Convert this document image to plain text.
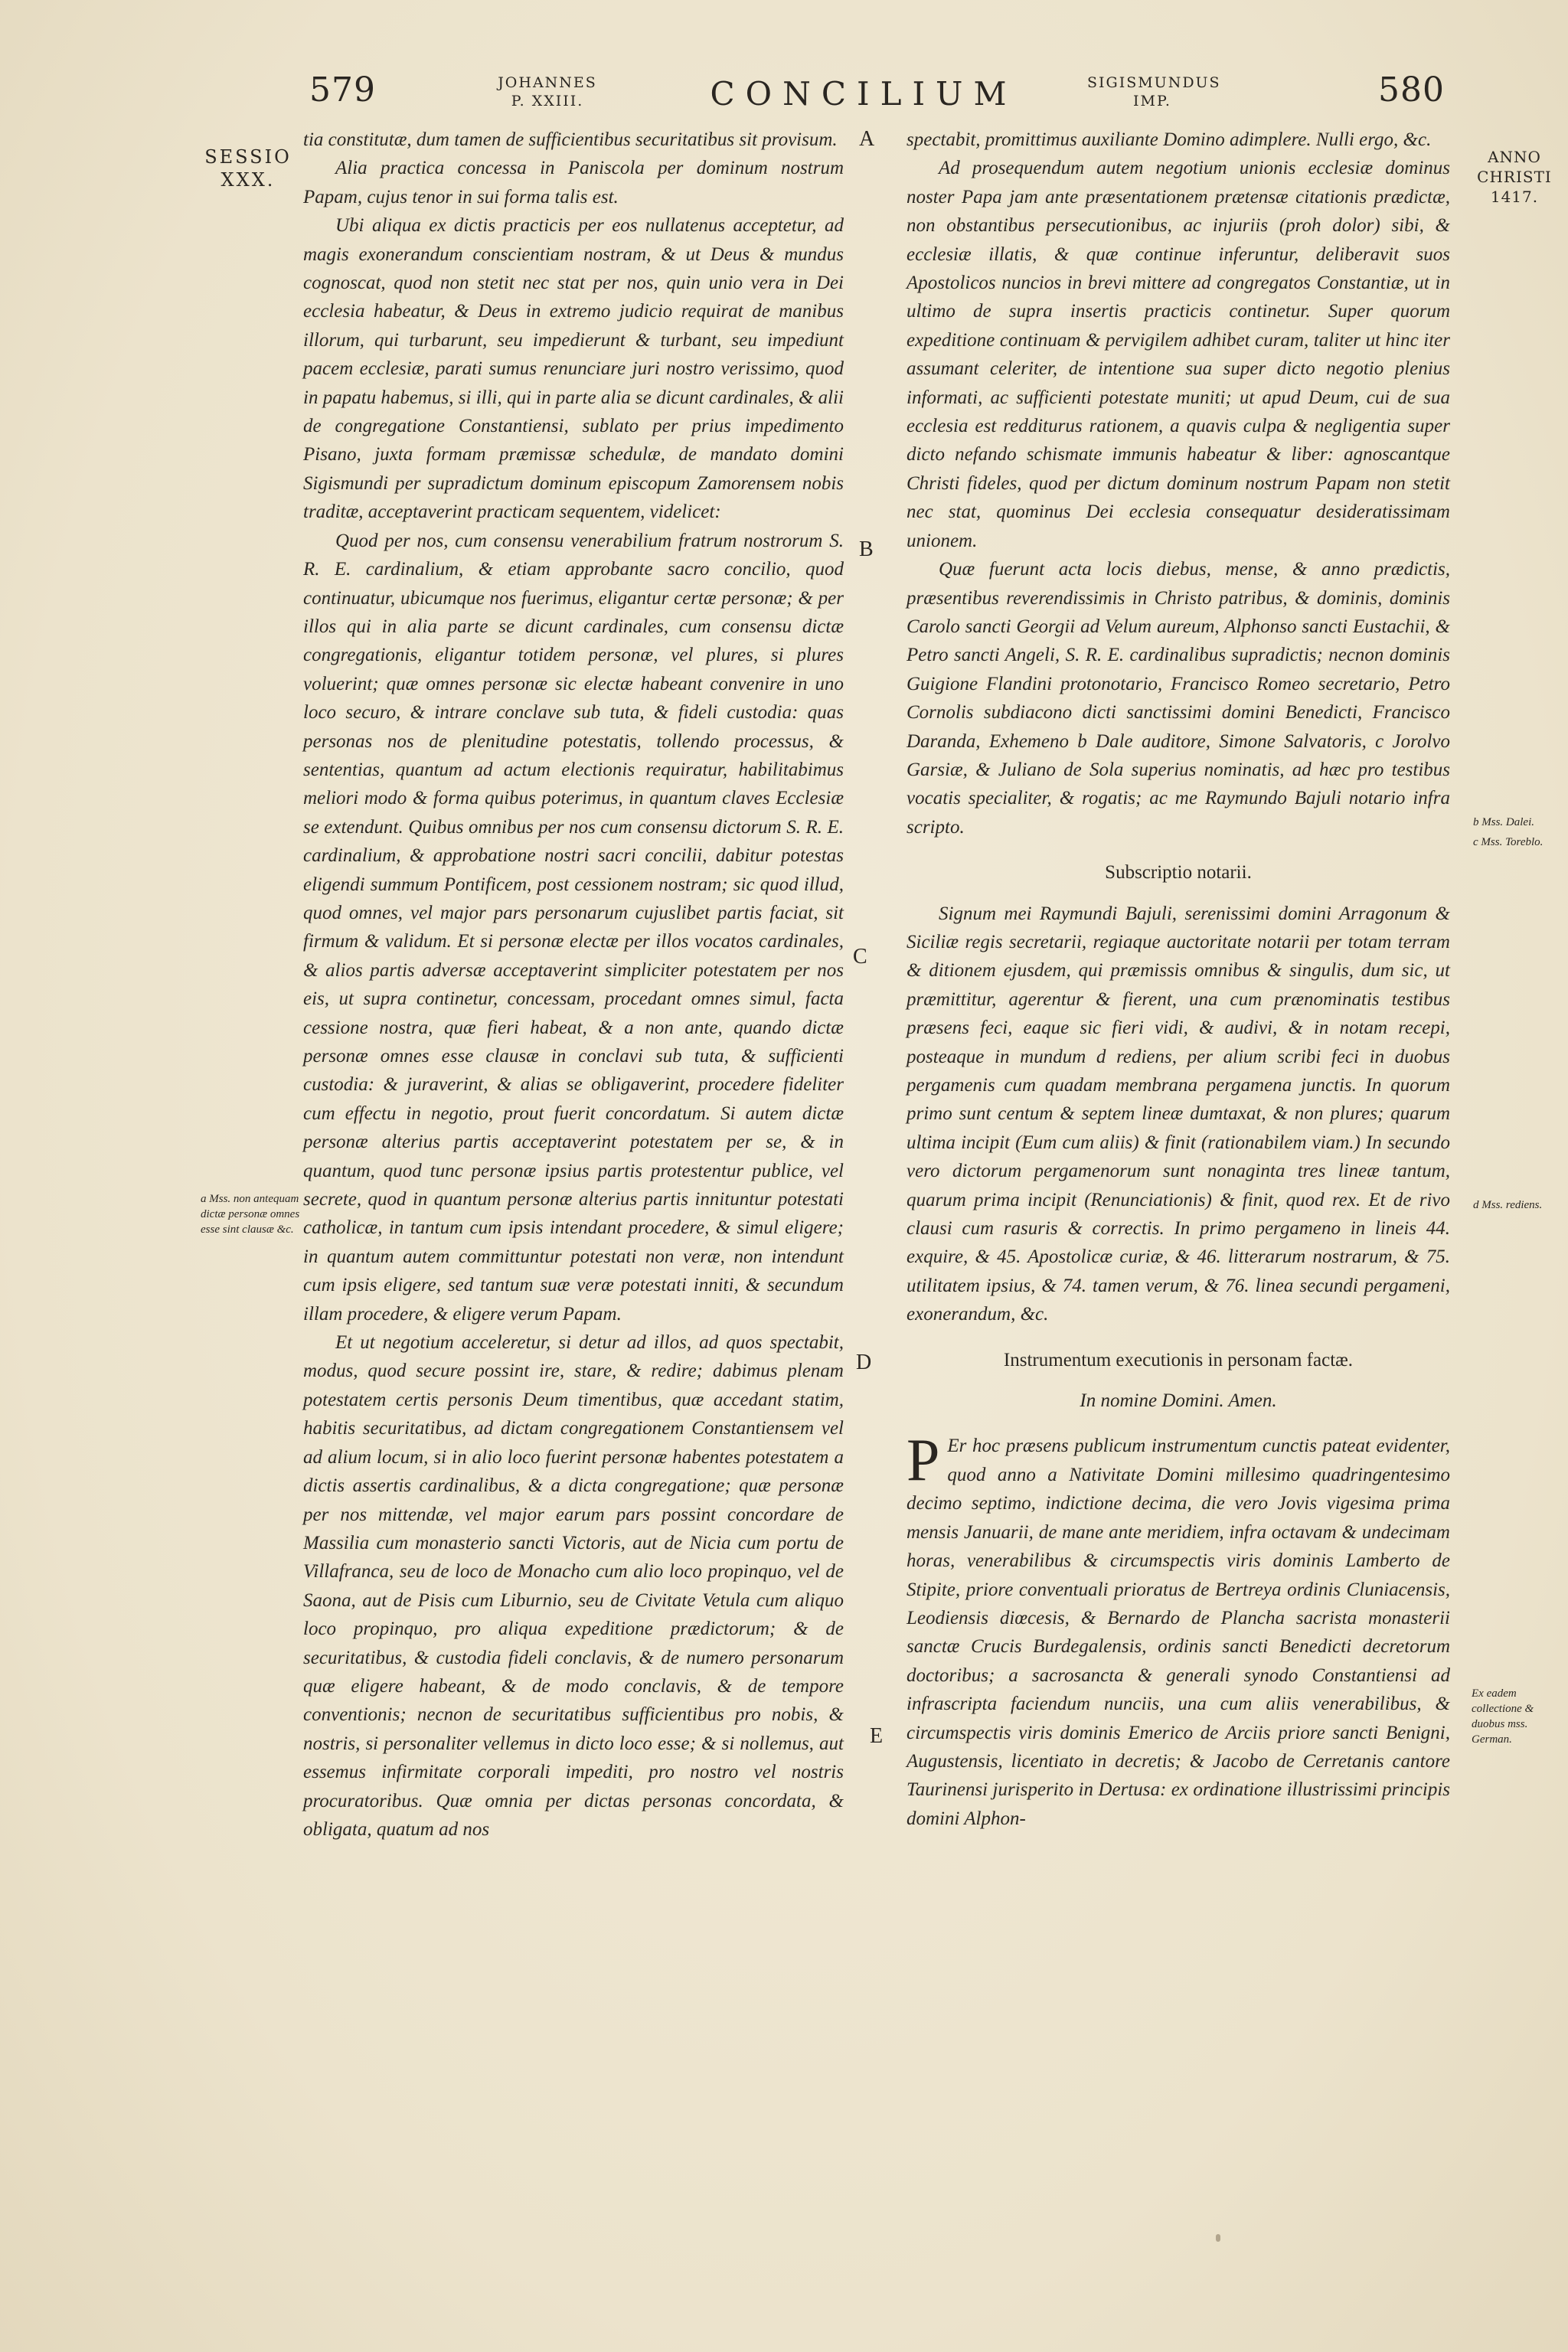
579	JOHANNES P. XXIII.	CONCILIUM	SIGISMUNDUS IMP.	580
SESSIO XXX.
ANNO CHRISTI 1417.
A
B
C
D
E
a Mss. non antequam dictæ personæ omnes esse sint clausæ &c.
b Mss. Dalei.
c Mss. Toreblo.
d Mss. rediens.
Ex eadem collectione & duobus mss. German.

tia constitutæ, dum tamen de sufficientibus securitatibus sit provisum.

Alia practica concessa in Paniscola per dominum nostrum Papam, cujus tenor in sui forma talis est.

Ubi aliqua ex dictis practicis per eos nullatenus acceptetur, ad magis exonerandum conscientiam nostram, & ut Deus & mundus cognoscat, quod non stetit nec stat per nos, quin unio vera in Dei ecclesia habeatur, & Deus in extremo judicio requirat de manibus illorum, qui turbarunt, seu impedierunt & turbant, seu impediunt pacem ecclesiæ, parati sumus renunciare juri nostro verissimo, quod in papatu habemus, si illi, qui in parte alia se dicunt cardinales, & alii de congregatione Constantiensi, sublato per prius impedimento Pisano, juxta formam præmissæ schedulæ, de mandato domini Sigismundi per supradictum dominum episcopum Zamorensem nobis traditæ, acceptaverint practicam sequentem, videlicet:

Quod per nos, cum consensu venerabilium fratrum nostrorum S. R. E. cardinalium, & etiam approbante sacro concilio, quod continuatur, ubicumque nos fuerimus, eligantur certæ personæ; & per illos qui in alia parte se dicunt cardinales, cum consensu dictæ congregationis, eligantur totidem personæ, vel plures, si plures voluerint; quæ omnes personæ sic electæ habeant convenire in uno loco securo, & intrare conclave sub tuta, & fideli custodia: quas personas nos de plenitudine potestatis, tollendo processus, & sententias, quantum ad actum electionis requiratur, habilitabimus meliori modo & forma quibus poterimus, in quantum claves Ecclesiæ se extendunt. Quibus omnibus per nos cum consensu dictorum S. R. E. cardinalium, & approbatione nostri sacri concilii, dabitur potestas eligendi summum Pontificem, post cessionem nostram; sic quod illud, quod omnes, vel major pars personarum cujuslibet partis faciat, sit firmum & validum. Et si personæ electæ per illos vocatos cardinales, & alios partis adversæ acceptaverint simpliciter potestatem per nos eis, ut supra continetur, concessam, procedant omnes simul, facta cessione nostra, quæ fieri habeat, & a non ante, quando dictæ personæ omnes esse clausæ in conclavi sub tuta, & sufficienti custodia: & juraverint, & alias se obligaverint, procedere fideliter cum effectu in negotio, prout fuerit concordatum. Si autem dictæ personæ alterius partis acceptaverint potestatem per se, & in quantum, quod tunc personæ ipsius partis protestentur publice, vel secrete, quod in quantum personæ alterius partis innituntur potestati catholicæ, in tantum cum ipsis intendant procedere, & simul eligere; in quantum autem committuntur potestati non veræ, non intendunt cum ipsis eligere, sed tantum suæ veræ potestati inniti, & secundum illam procedere, & eligere verum Papam.

Et ut negotium acceleretur, si detur ad illos, ad quos spectabit, modus, quod secure possint ire, stare, & redire; dabimus plenam potestatem certis personis Deum timentibus, quæ accedant statim, habitis securitatibus, ad dictam congregationem Constantiensem vel ad alium locum, si in alio loco fuerint personæ habentes potestatem a dictis assertis cardinalibus, & a dicta congregatione; quæ personæ per nos mittendæ, vel major earum pars possint concordare de Massilia cum monasterio sancti Victoris, aut de Nicia cum portu de Villafranca, seu de loco de Monacho cum alio loco propinquo, vel de Saona, aut de Pisis cum Liburnio, seu de Civitate Vetula cum aliquo loco propinquo, pro aliqua expeditione prædictorum; & de securitatibus, & custodia fideli conclavis, & de numero personarum quæ eligere habeant, & de modo conclavis, & de tempore conventionis; necnon de securitatibus sufficientibus pro nobis, & nostris, si personaliter vellemus in dicto loco esse; & si nollemus, aut essemus infirmitate corporali impediti, pro nostro vel nostris procuratoribus. Quæ omnia per dictas personas concordata, & obligata, quatum ad nos

spectabit, promittimus auxiliante Domino adimplere. Nulli ergo, &c.

Ad prosequendum autem negotium unionis ecclesiæ dominus noster Papa jam ante præsentationem prætensæ citationis prædictæ, non obstantibus persecutionibus, ac injuriis (proh dolor) sibi, & ecclesiæ illatis, & quæ continue inferuntur, deliberavit suos Apostolicos nuncios in brevi mittere ad congregatos Constantiæ, ut in ultimo de supra insertis practicis continetur. Super quorum expeditione continuam & pervigilem adhibet curam, taliter ut hinc iter assumant celeriter, de intentione sua super dicto negotio plenius informati, ac sufficienti potestate muniti; ut apud Deum, cui de sua ecclesia est redditurus rationem, a quavis culpa & negligentia super dicto nefando schismate immunis habeatur & liber: agnoscantque Christi fideles, quod per dictum dominum nostrum Papam non stetit nec stat, quominus Dei ecclesia consequatur desideratissimam unionem.

Quæ fuerunt acta locis diebus, mense, & anno prædictis, præsentibus reverendissimis in Christo patribus, & dominis, dominis Carolo sancti Georgii ad Velum aureum, Alphonso sancti Eustachii, & Petro sancti Angeli, S. R. E. cardinalibus supradictis; necnon dominis Guigione Flandini protonotario, Francisco Romeo secretario, Petro Cornolis subdiacono dicti sanctissimi domini Benedicti, Francisco Daranda, Exhemeno b Dale auditore, Simone Salvatoris, c Jorolvo Garsiæ, & Juliano de Sola superius nominatis, ad hæc pro testibus vocatis specialiter, & rogatis; ac me Raymundo Bajuli notario infra scripto.

Subscriptio notarii.

Signum mei Raymundi Bajuli, serenissimi domini Arragonum & Siciliæ regis secretarii, regiaque auctoritate notarii per totam terram & ditionem ejusdem, qui præmissis omnibus & singulis, dum sic, ut præmittitur, agerentur & fierent, una cum prænominatis testibus præsens feci, eaque sic fieri vidi, & audivi, & in notam recepi, posteaque in mundum d rediens, per alium scribi feci in duobus pergamenis cum quadam membrana pergamena junctis. In quorum primo sunt centum & septem lineæ dumtaxat, & non plures; quarum ultima incipit (Eum cum aliis) & finit (rationabilem viam.) In secundo vero dictorum pergamenorum sunt nonaginta tres lineæ tantum, quarum prima incipit (Renunciationis) & finit, quod rex. Et de rivo clausi cum rasuris & correctis. In primo pergameno in lineis 44. exquire, & 45. Apostolicæ curiæ, & 46. litterarum nostrarum, & 75. utilitatem ipsius, & 74. tamen verum, & 76. linea secundi pergameni, exonerandum, &c.

Instrumentum executionis in personam factæ.

In nomine Domini. Amen.

P Er hoc præsens publicum instrumentum cunctis pateat evidenter, quod anno a Nativitate Domini millesimo quadringentesimo decimo septimo, indictione decima, die vero Jovis vigesima prima mensis Januarii, de mane ante meridiem, infra octavam & undecimam horas, venerabilibus & circumspectis viris dominis Lamberto de Stipite, priore conventuali prioratus de Bertreya ordinis Cluniacensis, Leodiensis diœcesis, & Bernardo de Plancha sacrista monasterii sanctæ Crucis Burdegalensis, ordinis sancti Benedicti decretorum doctoribus; a sacrosancta & generali synodo Constantiensi ad infrascripta faciendum nunciis, una cum aliis venerabilibus, & circumspectis viris dominis Emerico de Arciis priore sancti Benigni, Augustensis, licentiato in decretis; & Jacobo de Cerretanis cantore Taurinensi jurisperito in Dertusa: ex ordinatione illustrissimi principis domini Alphon-
